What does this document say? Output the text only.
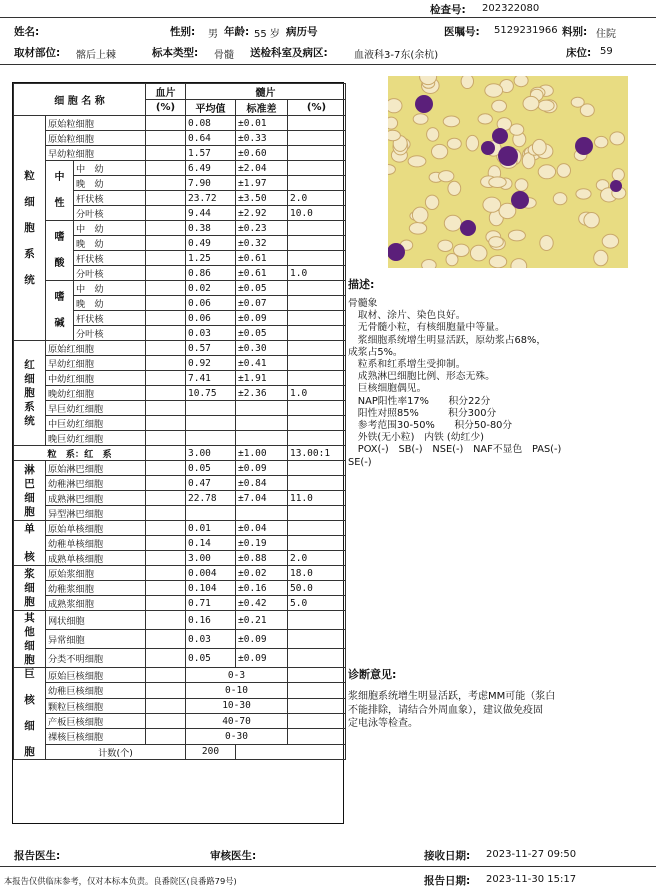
检查号: 202322080
姓名:	性别: 男 年龄: 55 岁 病历号	医嘱号: 5129231966 料别: 住院
取材部位: 髂后上棘	标本类型: 骨髓 送检科室及病区:	血液科3-7东(余杭)	床位: 59
细 胞 名 称			血片	髓片			
			(%)	平均值	标准差	(%)	
粒

细

胞

系

统	原始粒细胞			0.08	±0.01		
	原始粒细胞			0.64	±0.33		
	早幼粒细胞			1.57	±0.60		
	中

性	中　幼		6.49	±2.04		
		晚　幼		7.90	±1.97		
		杆状核		23.72	±3.50	2.0	
		分叶核		9.44	±2.92	10.0	
	嗜

酸	中　幼		0.38	±0.23		
		晚　幼		0.49	±0.32		
		杆状核		1.25	±0.61		
		分叶核		0.86	±0.61	1.0	
	嗜

碱	中　幼		0.02	±0.05		
		晚　幼		0.06	±0.07		
		杆状核		0.06	±0.09		
		分叶核		0.03	±0.05		
红
细
胞
系
统	原始红细胞			0.57	±0.30		
	早幼红细胞			0.92	±0.41		
	中幼红细胞			7.41	±1.91		
	晚幼红细胞			10.75	±2.36	1.0	
	早巨幼红细胞						
	中巨幼红细胞						
	晚巨幼红细胞						
粒　系：红　系				3.00	±1.00	13.00:1	
淋
巴
细
胞	原始淋巴细胞			0.05	±0.09		
	幼稚淋巴细胞			0.47	±0.84		
	成熟淋巴细胞			22.78	±7.04	11.0	
	异型淋巴细胞						
单

核	原始单核细胞			0.01	±0.04		
	幼稚单核细胞			0.14	±0.19		
	成熟单核细胞			3.00	±0.88	2.0	
浆
细
胞	原始浆细胞			0.004	±0.02	18.0	
	幼稚浆细胞			0.104	±0.16	50.0	
	成熟浆细胞			0.71	±0.42	5.0	
其
他
细
胞	网状细胞			0.16	±0.21		
	异常细胞			0.03	±0.09		
	分类不明细胞			0.05	±0.09		
巨

核

细

胞	原始巨核细胞			0-3			
	幼稚巨核细胞			0-10			
	颗粒巨核细胞			10-30			
	产板巨核细胞			40-70			
	裸核巨核细胞			0-30			
	计数(个)			200		
描述:
骨髓象
　取材、涂片、染色良好。
　无骨髓小粒，有核细胞量中等量。
　浆细胞系统增生明显活跃，原幼浆占68%，
成浆占5%。
　粒系和红系增生受抑制。
　成熟淋巴细胞比例、形态无殊。
　巨核细胞偶见。
　NAP阳性率17%　　积分22分
　阳性对照85%　　　积分300分
　参考范围30-50%　　积分50-80分
　外铁(无小粒)　内铁 (幼红少)
　POX(-)　SB(-)　NSE(-)　NAF不显色　PAS(-)
SE(-)
诊断意见:
浆细胞系统增生明显活跃，考虑MM可能（浆白
不能排除，请结合外周血象），建议做免疫固
定电泳等检查。
报告医生:	审核医生:	接收日期: 2023-11-27 09:50
本报告仅供临床参考，仅对本标本负责。良番院区(良番路79号)	报告日期: 2023-11-30 15:17
